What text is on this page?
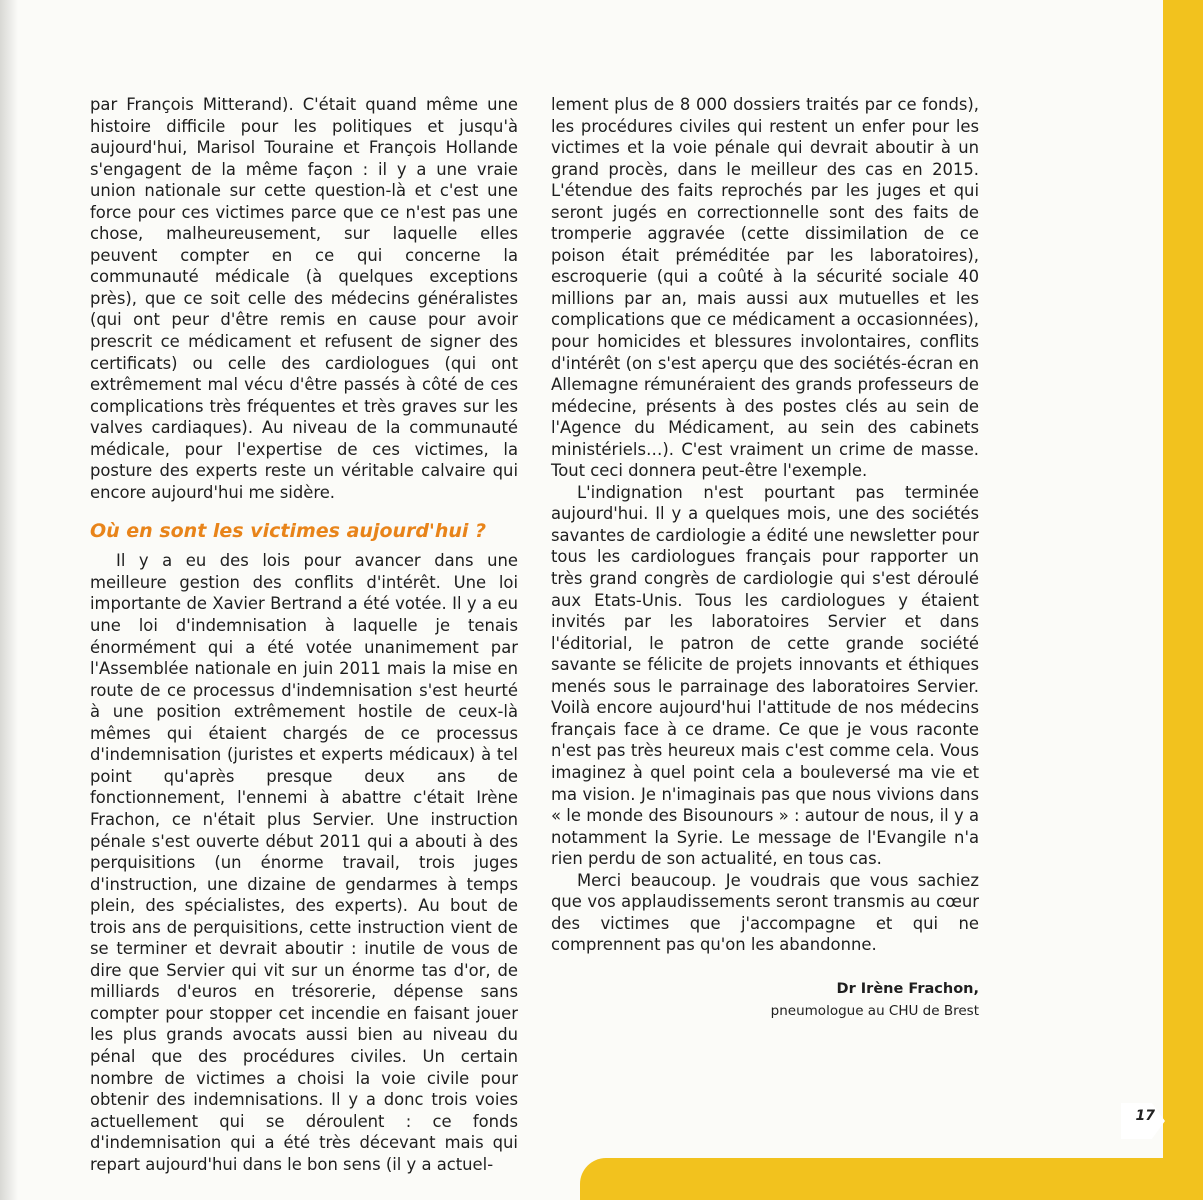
17

par François Mitterand). C'était quand même une histoire difficile pour les politiques et jusqu'à aujourd'hui, Marisol Touraine et François Hollande s'engagent de la même façon : il y a une vraie union nationale sur cette question-là et c'est une force pour ces victimes parce que ce n'est pas une chose, malheureusement, sur laquelle elles peuvent compter en ce qui concerne la communauté médicale (à quelques exceptions près), que ce soit celle des médecins généralistes (qui ont peur d'être remis en cause pour avoir prescrit ce médicament et refusent de signer des certificats) ou celle des cardiologues (qui ont extrêmement mal vécu d'être passés à côté de ces complications très fréquentes et très graves sur les valves cardiaques). Au niveau de la communauté médicale, pour l'expertise de ces victimes, la posture des experts reste un véritable calvaire qui encore aujourd'hui me sidère.

Où en sont les victimes aujourd'hui ?

Il y a eu des lois pour avancer dans une meilleure gestion des conflits d'intérêt. Une loi importante de Xavier Bertrand a été votée. Il y a eu une loi d'indemnisation à laquelle je tenais énormément qui a été votée unanimement par l'Assemblée nationale en juin 2011 mais la mise en route de ce processus d'indemnisation s'est heurté à une position extrêmement hostile de ceux-là mêmes qui étaient chargés de ce processus d'indemnisation (juristes et experts médicaux) à tel point qu'après presque deux ans de fonctionnement, l'ennemi à abattre c'était Irène Frachon, ce n'était plus Servier. Une instruction pénale s'est ouverte début 2011 qui a abouti à des perquisitions (un énorme travail, trois juges d'instruction, une dizaine de gendarmes à temps plein, des spécialistes, des experts). Au bout de trois ans de perquisitions, cette instruction vient de se terminer et devrait aboutir : inutile de vous de dire que Servier qui vit sur un énorme tas d'or, de milliards d'euros en trésorerie, dépense sans compter pour stopper cet incendie en faisant jouer les plus grands avocats aussi bien au niveau du pénal que des procédures civiles. Un certain nombre de victimes a choisi la voie civile pour obtenir des indemnisations. Il y a donc trois voies actuellement qui se déroulent : ce fonds d'indemnisation qui a été très décevant mais qui repart aujourd'hui dans le bon sens (il y a actuel-

lement plus de 8 000 dossiers traités par ce fonds), les procédures civiles qui restent un enfer pour les victimes et la voie pénale qui devrait aboutir à un grand procès, dans le meilleur des cas en 2015. L'étendue des faits reprochés par les juges et qui seront jugés en correctionnelle sont des faits de tromperie aggravée (cette dissimilation de ce poison était préméditée par les laboratoires), escroquerie (qui a coûté à la sécurité sociale 40 millions par an, mais aussi aux mutuelles et les complications que ce médicament a occasionnées), pour homicides et blessures involontaires, conflits d'intérêt (on s'est aperçu que des sociétés-écran en Allemagne rémunéraient des grands professeurs de médecine, présents à des postes clés au sein de l'Agence du Médicament, au sein des cabinets ministériels…). C'est vraiment un crime de masse. Tout ceci donnera peut-être l'exemple.

L'indignation n'est pourtant pas terminée aujourd'hui. Il y a quelques mois, une des sociétés savantes de cardiologie a édité une newsletter pour tous les cardiologues français pour rapporter un très grand congrès de cardiologie qui s'est déroulé aux Etats-Unis. Tous les cardiologues y étaient invités par les laboratoires Servier et dans l'éditorial, le patron de cette grande société savante se félicite de projets innovants et éthiques menés sous le parrainage des laboratoires Servier. Voilà encore aujourd'hui l'attitude de nos médecins français face à ce drame. Ce que je vous raconte n'est pas très heureux mais c'est comme cela. Vous imaginez à quel point cela a bouleversé ma vie et ma vision. Je n'imaginais pas que nous vivions dans « le monde des Bisounours » : autour de nous, il y a notamment la Syrie. Le message de l'Evangile n'a rien perdu de son actualité, en tous cas.

Merci beaucoup. Je voudrais que vous sachiez que vos applaudissements seront transmis au cœur des victimes que j'accompagne et qui ne comprennent pas qu'on les abandonne.

Dr Irène Frachon,
pneumologue au CHU de Brest
